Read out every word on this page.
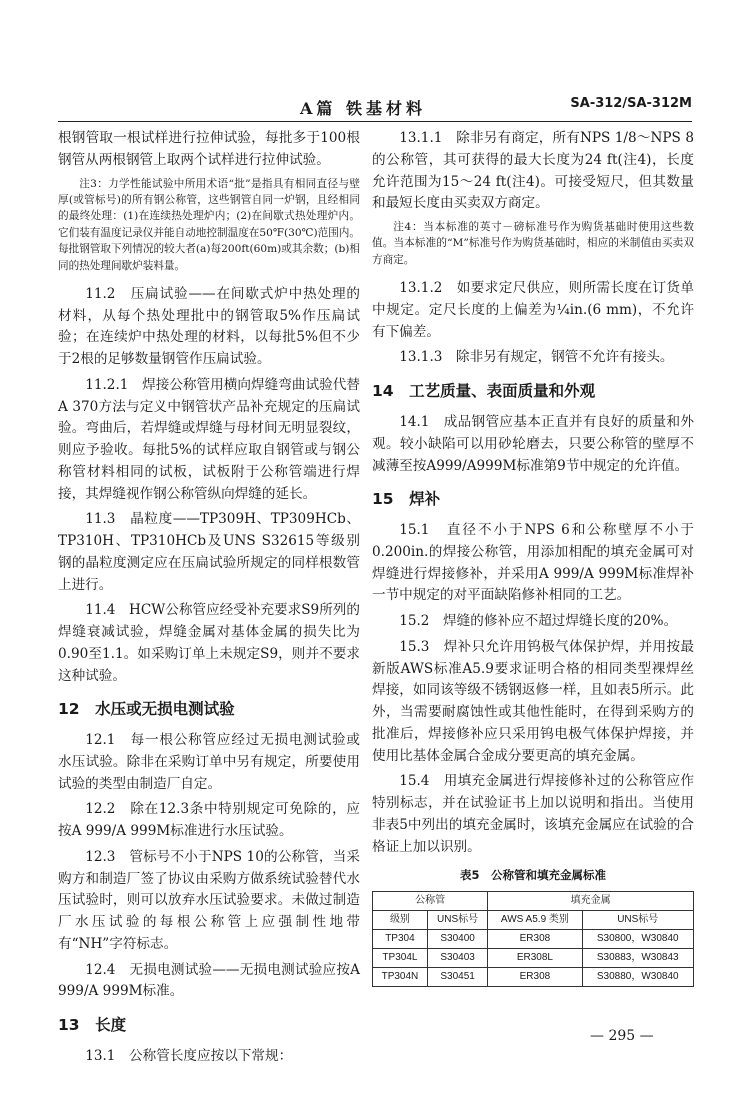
A篇 铁基材料	SA-312/SA-312M

根钢管取一根试样进行拉伸试验，每批多于100根钢管从两根钢管上取两个试样进行拉伸试验。

注3：力学性能试验中所用术语“批”是指具有相同直径与壁厚(或管标号)的所有钢公称管，这些钢管自同一炉钢，且经相同的最终处理：(1)在连续热处理炉内；(2)在间歇式热处理炉内。它们装有温度记录仪并能自动地控制温度在50℉(30℃)范围内。每批钢管取下列情况的较大者(a)每200ft(60m)或其余数；(b)相同的热处理间歇炉装料量。

11.2　压扁试验——在间歇式炉中热处理的材料，从每个热处理批中的钢管取5%作压扁试验；在连续炉中热处理的材料，以每批5%但不少于2根的足够数量钢管作压扁试验。

11.2.1　焊接公称管用横向焊缝弯曲试验代替A 370方法与定义中钢管状产品补充规定的压扁试验。弯曲后，若焊缝或焊缝与母材间无明显裂纹，则应予验收。每批5%的试样应取自钢管或与钢公称管材料相同的试板，试板附于公称管端进行焊接，其焊缝视作钢公称管纵向焊缝的延长。

11.3　晶粒度——TP309H、TP309HCb、TP310H、TP310HCb及UNS S32615等级别钢的晶粒度测定应在压扁试验所规定的同样根数管上进行。

11.4　HCW公称管应经受补充要求S9所列的焊缝衰减试验，焊缝金属对基体金属的损失比为0.90至1.1。如采购订单上未规定S9，则并不要求这种试验。

12　水压或无损电测试验

12.1　每一根公称管应经过无损电测试验或水压试验。除非在采购订单中另有规定，所要使用试验的类型由制造厂自定。

12.2　除在12.3条中特别规定可免除的，应按A 999/A 999M标准进行水压试验。

12.3　管标号不小于NPS 10的公称管，当采购方和制造厂签了协议由采购方做系统试验替代水压试验时，则可以放弃水压试验要求。未做过制造厂水压试验的每根公称管上应强制性地带有“NH”字符标志。

12.4　无损电测试验——无损电测试验应按A 999/A 999M标准。

13　长度

13.1　公称管长度应按以下常规：

13.1.1　除非另有商定，所有NPS 1/8～NPS 8的公称管，其可获得的最大长度为24 ft(注4)，长度允许范围为15～24 ft(注4)。可接受短尺，但其数量和最短长度由买卖双方商定。

注4：当本标准的英寸－磅标准号作为购货基础时使用这些数值。当本标准的“M”标准号作为购货基础时，相应的米制值由买卖双方商定。

13.1.2　如要求定尺供应，则所需长度在订货单中规定。定尺长度的上偏差为¼in.(6 mm)，不允许有下偏差。

13.1.3　除非另有规定，钢管不允许有接头。

14　工艺质量、表面质量和外观

14.1　成品钢管应基本正直并有良好的质量和外观。较小缺陷可以用砂轮磨去，只要公称管的壁厚不减薄至按A999/A999M标准第9节中规定的允许值。

15　焊补

15.1　直径不小于NPS 6和公称壁厚不小于0.200in.的焊接公称管，用添加相配的填充金属可对焊缝进行焊接修补，并采用A 999/A 999M标准焊补一节中规定的对平面缺陷修补相同的工艺。

15.2　焊缝的修补应不超过焊缝长度的20%。

15.3　焊补只允许用钨极气体保护焊，并用按最新版AWS标准A5.9要求证明合格的相同类型裸焊丝焊接，如同该等级不锈钢返修一样，且如表5所示。此外，当需要耐腐蚀性或其他性能时，在得到采购方的批准后，焊接修补应只采用钨电极气体保护焊接，并使用比基体金属合金成分要更高的填充金属。

15.4　用填充金属进行焊接修补过的公称管应作特别标志，并在试验证书上加以说明和指出。当使用非表5中列出的填充金属时，该填充金属应在试验的合格证上加以识别。

表5　公称管和填充金属标准
公称管		填充金属	
级别	UNS标号	AWS A5.9 类别	UNS标号
TP304	S30400	ER308	S30800，W30840
TP304L	S30403	ER308L	S30883，W30843
TP304N	S30451	ER308	S30880，W30840
— 295 —
